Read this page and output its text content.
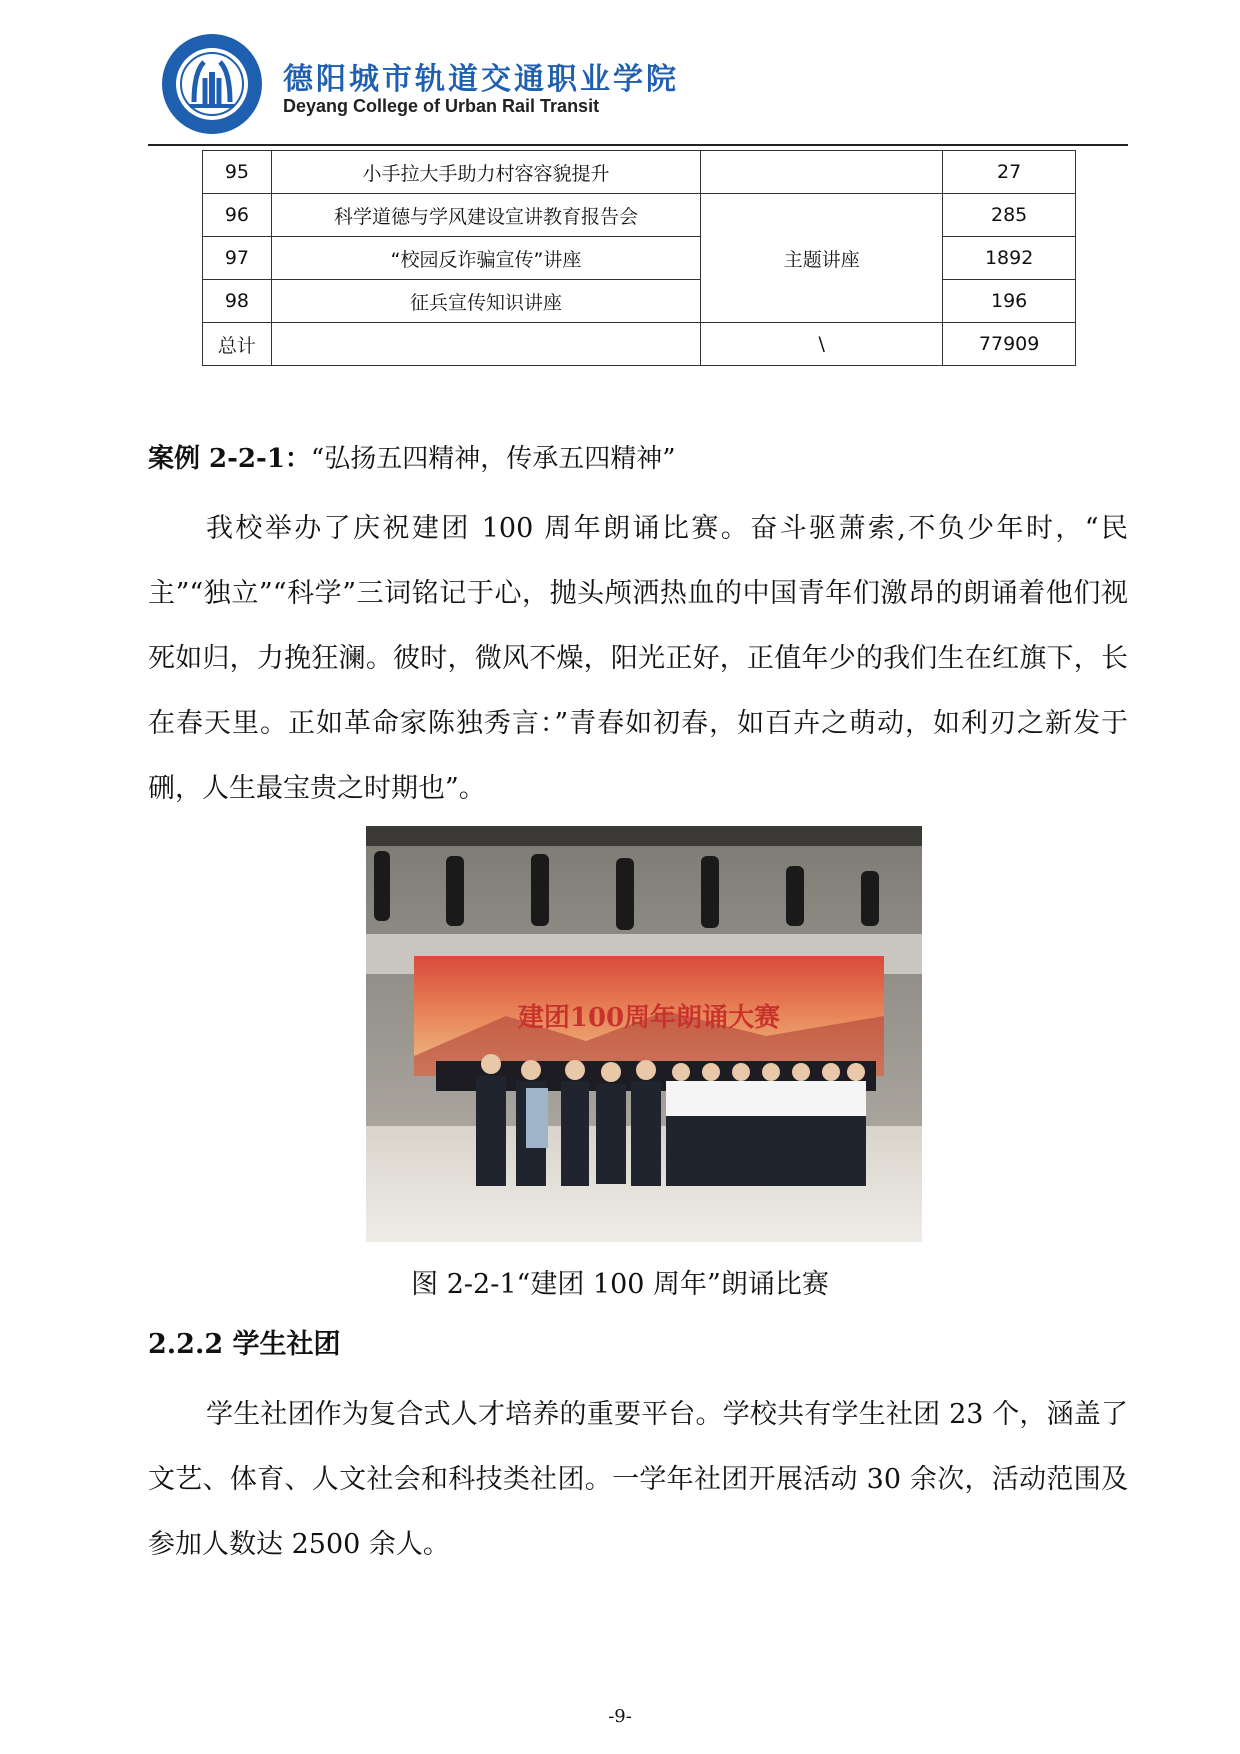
德阳城市轨道交通职业学院
Deyang College of Urban Rail Transit
95	小手拉大手助力村容容貌提升		27
96	科学道德与学风建设宣讲教育报告会	主题讲座	285
97	“校园反诈骗宣传”讲座		1892
98	征兵宣传知识讲座		196
总计		\	77909
案例 2-2-1：“弘扬五四精神，传承五四精神”

我校举办了庆祝建团 100 周年朗诵比赛。奋斗驱萧索,不负少年时，“民主”“独立”“科学”三词铭记于心，抛头颅洒热血的中国青年们激昂的朗诵着他们视死如归，力挽狂澜。彼时，微风不燥，阳光正好，正值年少的我们生在红旗下，长在春天里。正如革命家陈独秀言：”青春如初春，如百卉之萌动，如利刃之新发于硎，人生最宝贵之时期也”。

建团100周年朗诵大赛
图 2-2-1“建团 100 周年”朗诵比赛
2.2.2 学生社团

学生社团作为复合式人才培养的重要平台。学校共有学生社团 23 个，涵盖了文艺、体育、人文社会和科技类社团。一学年社团开展活动 30 余次，活动范围及参加人数达 2500 余人。

-9-
